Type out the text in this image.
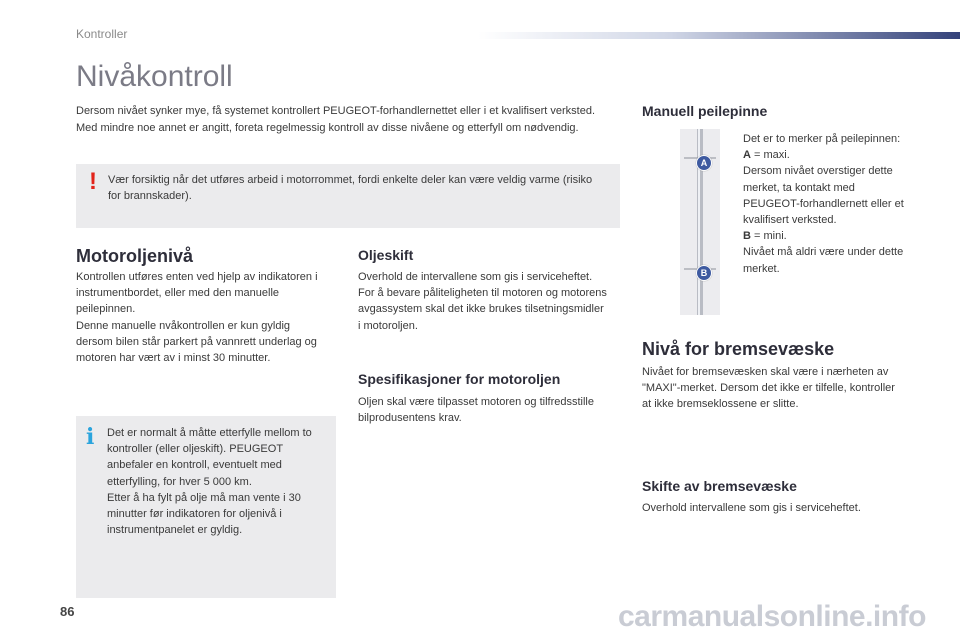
Kontroller
Nivåkontroll
Dersom nivået synker mye, få systemet kontrollert PEUGEOT-forhandlernettet eller i et kvalifisert verksted.
Med mindre noe annet er angitt, foreta regelmessig kontroll av disse nivåene og etterfyll om nødvendig.
! Vær forsiktig når det utføres arbeid i motorrommet, fordi enkelte deler kan være veldig varme (risiko for brannskader).
Motoroljenivå
Kontrollen utføres enten ved hjelp av indikatoren i instrumentbordet, eller med den manuelle peilepinnen.
Denne manuelle nvåkontrollen er kun gyldig dersom bilen står parkert på vannrett underlag og motoren har vært av i minst 30 minutter.
i Det er normalt å måtte etterfylle mellom to kontroller (eller oljeskift). PEUGEOT anbefaler en kontroll, eventuelt med etterfylling, for hver 5 000 km.
Etter å ha fylt på olje må man vente i 30 minutter før indikatoren for oljenivå i instrumentpanelet er gyldig.
Oljeskift
Overhold de intervallene som gis i serviceheftet.
For å bevare påliteligheten til motoren og motorens avgassystem skal det ikke brukes tilsetningsmidler i motoroljen.
Spesifikasjoner for motoroljen
Oljen skal være tilpasset motoren og tilfredsstille bilprodusentens krav.
Manuell peilepinne
A
B
Det er to merker på peilepinnen:
A = maxi.
Dersom nivået overstiger dette merket, ta kontakt med PEUGEOT-forhandlernett eller et kvalifisert verksted.
B = mini.
Nivået må aldri være under dette merket.
Nivå for bremsevæske
Nivået for bremsevæsken skal være i nærheten av "MAXI"-merket. Dersom det ikke er tilfelle, kontroller at ikke bremseklossene er slitte.
Skifte av bremsevæske
Overhold intervallene som gis i serviceheftet.
86	carmanualsonline.info
